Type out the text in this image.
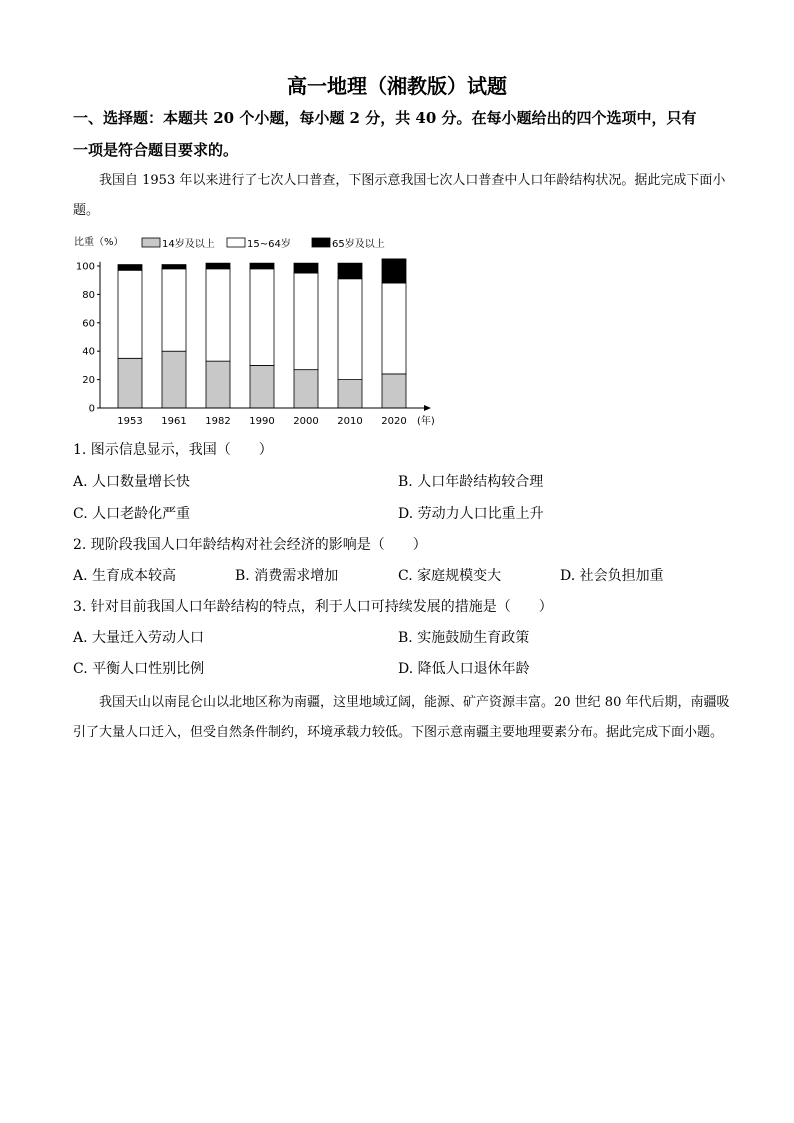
高一地理（湘教版）试题
一、选择题：本题共 20 个小题，每小题 2 分，共 40 分。在每小题给出的四个选项中，只有
一项是符合题目要求的。
我国自 1953 年以来进行了七次人口普查，下图示意我国七次人口普查中人口年龄结构状况。据此完成下面小题。
14岁及以上	15~64岁	65岁及以上
比重（%）
0
20
40
60
80
100
1953 1961 1982 1990 2000 2010 2020 (年)
1. 图示信息显示，我国（　　）
A. 人口数量增长快	B. 人口年龄结构较合理
C. 人口老龄化严重	D. 劳动力人口比重上升
2. 现阶段我国人口年龄结构对社会经济的影响是（　　）
A. 生育成本较高	B. 消费需求增加	C. 家庭规模变大	D. 社会负担加重
3. 针对目前我国人口年龄结构的特点，利于人口可持续发展的措施是（　　）
A. 大量迁入劳动人口	B. 实施鼓励生育政策
C. 平衡人口性别比例	D. 降低人口退休年龄
我国天山以南昆仑山以北地区称为南疆，这里地域辽阔，能源、矿产资源丰富。20 世纪 80 年代后期，南疆吸引了大量人口迁入，但受自然条件制约，环境承载力较低。下图示意南疆主要地理要素分布。据此完成下面小题。
